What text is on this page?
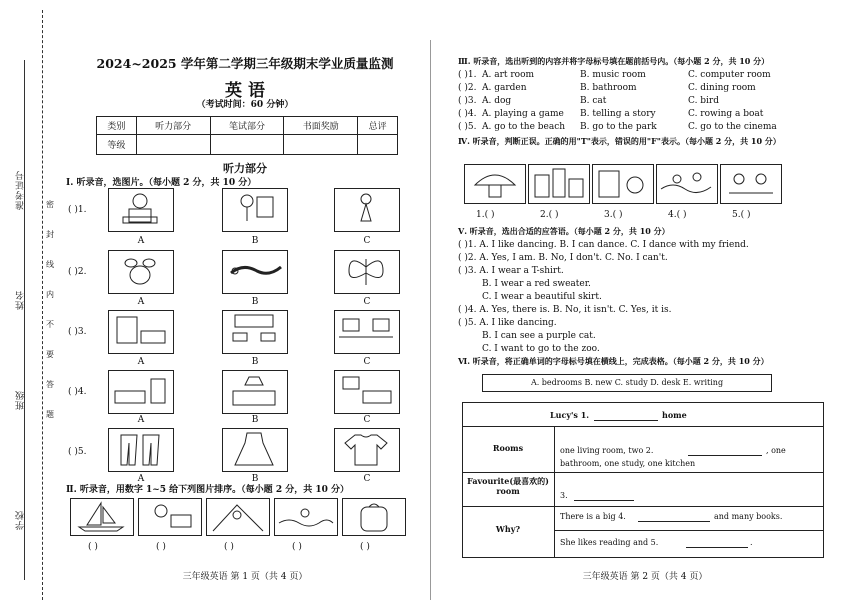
学校
班级
姓名
准考证号
2024~2025 学年第二学期三年级期末学业质量监测
英 语
（考试时间：60 分钟）
类别	听力部分	笔试部分	书面奖励	总评
等级				
听力部分
Ⅰ. 听录音，选图片。（每小题 2 分，共 10 分）
( )1.
( )2.
( )3.
( )4.
( )5.
A	B	C
A	B	C
A	B	C
A	B	C
A	B	C
Ⅱ. 听录音，用数字 1~5 给下列图片排序。（每小题 2 分，共 10 分）
( )	( )	( )	( )	( )
三年级英语 第 1 页（共 4 页）
Ⅲ. 听录音，选出听到的内容并将字母标号填在题前括号内。（每小题 2 分，共 10 分）
Ⅳ. 听录音，判断正误。正确的用"T"表示，错误的用"F"表示。（每小题 2 分，共 10 分）
1.( )	2.( )	3.( )	4.( )	5.( )
Ⅴ. 听录音，选出合适的应答语。（每小题 2 分，共 10 分）
Ⅵ. 听录音，将正确单词的字母标号填在横线上，完成表格。（每小题 2 分，共 10 分）
A. bedrooms B. new C. study D. desk E. writing
Lucy's 1.	home
Rooms	one living room, two 2.	, one
bathroom, one study, one kitchen
Favourite(最喜欢的) room	3.
Why?
There is a big 4.	and many books.
She likes reading and 5.	.
三年级英语 第 2 页（共 4 页）
( )1. A. art room	B. music room	C. computer room
( )2. A. garden	B. bathroom	C. dining room
( )3. A. dog	B. cat	C. bird
( )4. A. playing a game B. telling a story	C. rowing a boat
( )5. A. go to the beach B. go to the park	C. go to the cinema
( )1. A. I like dancing. B. I can dance. C. I dance with my friend.
( )2. A. Yes, I am. B. No, I don't. C. No. I can't.
( )3. A. I wear a T-shirt.
B. I wear a red sweater.
C. I wear a beautiful skirt.
( )4. A. Yes, there is. B. No, it isn't. C. Yes, it is.
( )5. A. I like dancing.
B. I can see a purple cat.
C. I want to go to the zoo.
密
封
线
内
不
要
答
题
